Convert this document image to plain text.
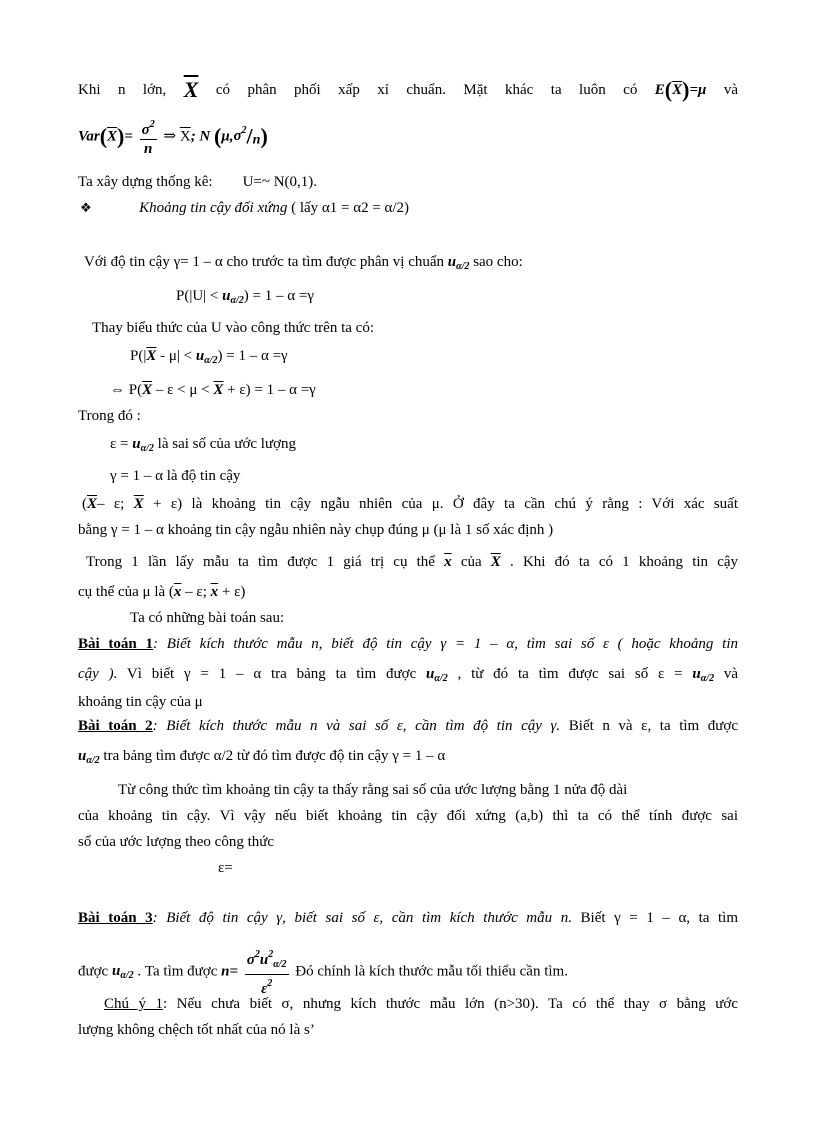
Khi n lớn, $\overline{X}$ có phân phối xấp xỉ chuẩn. Mặt khác ta luôn có $E(\overline{X})=\mu$ và
$Var(\overline{X})= \frac{\sigma^2}{n}$ ⇒ $\overline{X}$; N $(\mu,\sigma^2/n)$
Ta xây dựng thống kê: U=~ N(0,1).
❖	Khoảng tin cậy đối xứng ( lấy α1 = α2 = α/2)
Với độ tin cậy γ= 1 – α cho trước ta tìm được phân vị chuẩn $u_{\alpha/2}$ sao cho:
$P(|U| < u_{\alpha/2}) = 1 - \alpha =\gamma$
Thay biểu thức của U vào công thức trên ta có:
$P(|\overline{X} - \mu| < u_{\alpha/2}) = 1 - \alpha =\gamma$
⇔ $P(\overline{X} - \varepsilon < \mu < \overline{X} + \varepsilon) = 1 - \alpha =\gamma$
Trong đó :
$\varepsilon = u_{\alpha/2}$ là sai số của ước lượng
γ = 1 – α là độ tin cậy
($\overline{X}-$ ε; $\overline{X} + \varepsilon$) là khoảng tin cậy ngẫu nhiên của μ. Ở đây ta cần chú ý rằng : Với xác suất
bằng γ = 1 – α khoảng tin cậy ngẫu nhiên này chụp đúng μ (μ là 1 số xác định )
Trong 1 lần lấy mẫu ta tìm được 1 giá trị cụ thể $\overline{x}$ của $\overline{X}$ . Khi đó ta có 1 khoảng tin cậy
cụ thể của μ là ($\overline{x}$ – ε; $\overline{x} + \varepsilon$)
Ta có những bài toán sau:
Bài toán 1: Biết kích thước mẫu n, biết độ tin cậy γ = 1 – α, tìm sai số ε ( hoặc khoảng tin
cậy ). Vì biết γ = 1 – α tra bảng ta tìm được $u_{\alpha/2}$ , từ đó ta tìm được sai số $\varepsilon = u_{\alpha/2}$ và
khoảng tin cậy của μ
Bài toán 2: Biết kích thước mẫu n và sai số ε, cần tìm độ tin cậy γ. Biết n và ε, ta tìm được
$u_{\alpha/2}$ tra bảng tìm được α/2 từ đó tìm được độ tin cậy γ = 1 – α
Từ công thức tìm khoảng tin cậy ta thấy rằng sai số của ước lượng bằng 1 nửa độ dài
của khoảng tin cậy. Vì vậy nếu biết khoảng tin cậy đối xứng (a,b) thì ta có thể tính được sai
số của ước lượng theo công thức
ε=
Bài toán 3: Biết độ tin cậy γ, biết sai số ε, cần tìm kích thước mẫu n. Biết γ = 1 – α, ta tìm
được $u_{\alpha/2}$ . Ta tìm được $n= \frac{\sigma^2u^2_{\alpha/2}}{\varepsilon^2}$ Đó chính là kích thước mẫu tối thiểu cần tìm.
Chú ý 1: Nếu chưa biết σ, nhưng kích thước mẫu lớn (n>30). Ta có thể thay σ bằng ước
lượng không chệch tốt nhất của nó là s’
